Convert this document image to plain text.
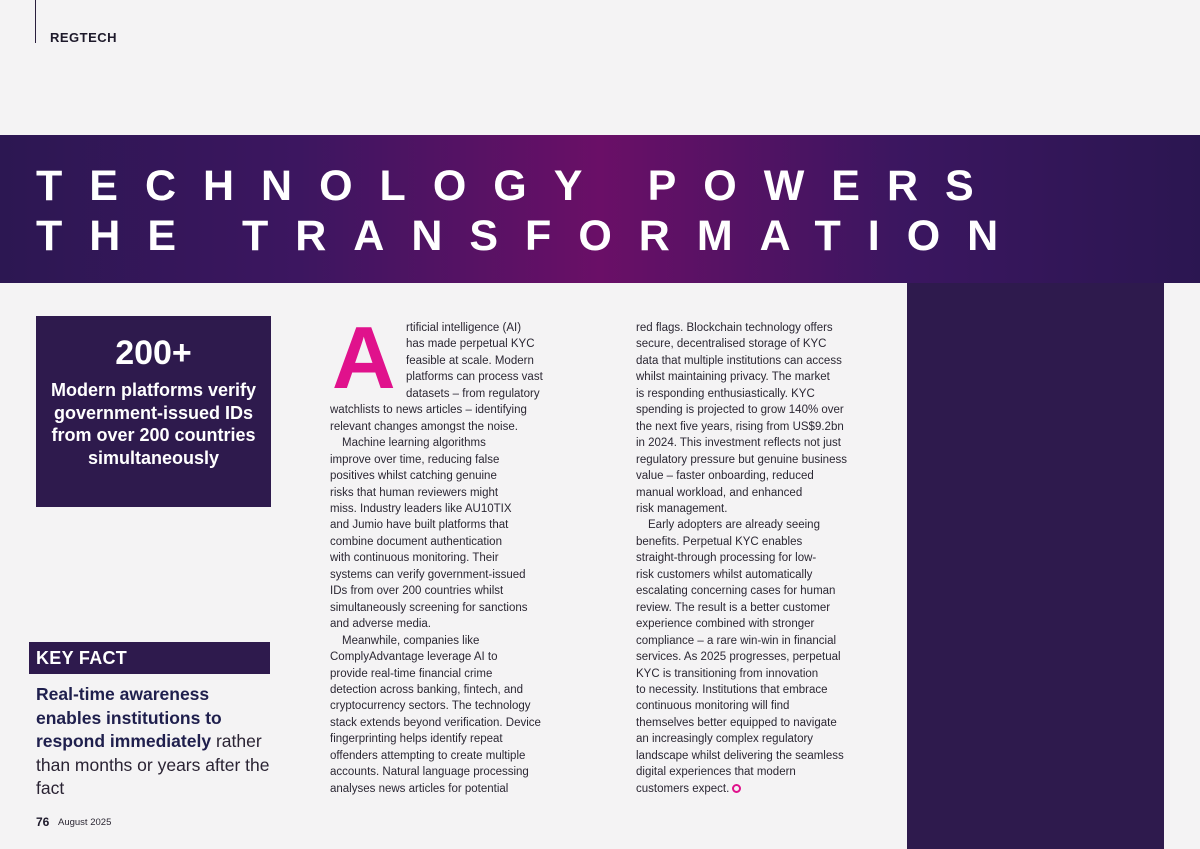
REGTECH
TECHNOLOGY POWERS
THE TRANSFORMATION
200+
Modern platforms verify government-issued IDs from over 200 countries simultaneously
KEY FACT
Real-time awareness enables institutions to respond immediately rather than months or years after the fact
A rtificial intelligence (AI)

has made perpetual KYC

feasible at scale. Modern

platforms can process vast

datasets – from regulatory

watchlists to news articles – identifying

relevant changes amongst the noise.

Machine learning algorithms

improve over time, reducing false

positives whilst catching genuine

risks that human reviewers might

miss. Industry leaders like AU10TIX

and Jumio have built platforms that

combine document authentication

with continuous monitoring. Their

systems can verify government-issued

IDs from over 200 countries whilst

simultaneously screening for sanctions

and adverse media.

Meanwhile, companies like

ComplyAdvantage leverage AI to

provide real-time financial crime

detection across banking, fintech, and

cryptocurrency sectors. The technology

stack extends beyond verification. Device

fingerprinting helps identify repeat

offenders attempting to create multiple

accounts. Natural language processing

analyses news articles for potential

red flags. Blockchain technology offers

secure, decentralised storage of KYC

data that multiple institutions can access

whilst maintaining privacy. The market

is responding enthusiastically. KYC

spending is projected to grow 140% over

the next five years, rising from US$9.2bn

in 2024. This investment reflects not just

regulatory pressure but genuine business

value – faster onboarding, reduced

manual workload, and enhanced

risk management.

Early adopters are already seeing

benefits. Perpetual KYC enables

straight-through processing for low-

risk customers whilst automatically

escalating concerning cases for human

review. The result is a better customer

experience combined with stronger

compliance – a rare win-win in financial

services. As 2025 progresses, perpetual

KYC is transitioning from innovation

to necessity. Institutions that embrace

continuous monitoring will find

themselves better equipped to navigate

an increasingly complex regulatory

landscape whilst delivering the seamless

digital experiences that modern

customers expect.

76 August 2025
